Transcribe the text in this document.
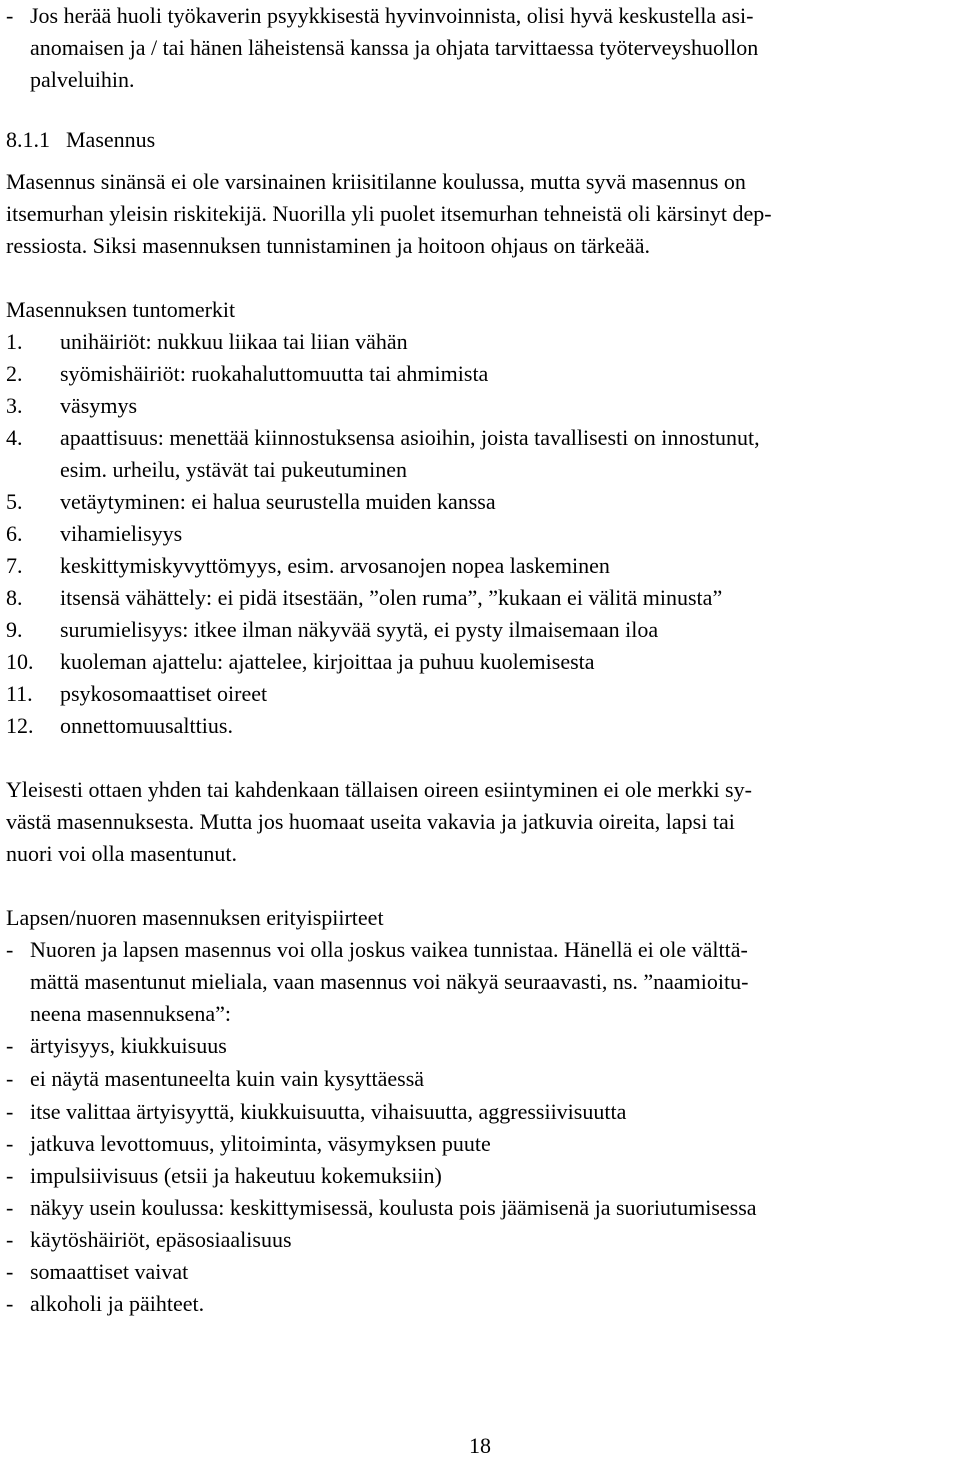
- Jos herää huoli työkaverin psyykkisestä hyvinvoinnista, olisi hyvä keskustella asi-
anomaisen ja / tai hänen läheistensä kanssa ja ohjata tarvittaessa työterveyshuollon
palveluihin.
8.1.1 Masennus
Masennus sinänsä ei ole varsinainen kriisitilanne koulussa, mutta syvä masennus on
itsemurhan yleisin riskitekijä. Nuorilla yli puolet itsemurhan tehneistä oli kärsinyt dep-
ressiosta. Siksi masennuksen tunnistaminen ja hoitoon ohjaus on tärkeää.
Masennuksen tuntomerkit
1. unihäiriöt: nukkuu liikaa tai liian vähän
2. syömishäiriöt: ruokahaluttomuutta tai ahmimista
3. väsymys
4. apaattisuus: menettää kiinnostuksensa asioihin, joista tavallisesti on innostunut,
esim. urheilu, ystävät tai pukeutuminen
5. vetäytyminen: ei halua seurustella muiden kanssa
6. vihamielisyys
7. keskittymiskyvyttömyys, esim. arvosanojen nopea laskeminen
8. itsensä vähättely: ei pidä itsestään, ”olen ruma”, ”kukaan ei välitä minusta”
9. surumielisyys: itkee ilman näkyvää syytä, ei pysty ilmaisemaan iloa
10. kuoleman ajattelu: ajattelee, kirjoittaa ja puhuu kuolemisesta
11. psykosomaattiset oireet
12. onnettomuusalttius.
Yleisesti ottaen yhden tai kahdenkaan tällaisen oireen esiintyminen ei ole merkki sy-
västä masennuksesta. Mutta jos huomaat useita vakavia ja jatkuvia oireita, lapsi tai
nuori voi olla masentunut.
Lapsen/nuoren masennuksen erityispiirteet
- Nuoren ja lapsen masennus voi olla joskus vaikea tunnistaa. Hänellä ei ole välttä-
mättä masentunut mieliala, vaan masennus voi näkyä seuraavasti, ns. ”naamioitu-
neena masennuksena”:
- ärtyisyys, kiukkuisuus
- ei näytä masentuneelta kuin vain kysyttäessä
- itse valittaa ärtyisyyttä, kiukkuisuutta, vihaisuutta, aggressiivisuutta
- jatkuva levottomuus, ylitoiminta, väsymyksen puute
- impulsiivisuus (etsii ja hakeutuu kokemuksiin)
- näkyy usein koulussa: keskittymisessä, koulusta pois jäämisenä ja suoriutumisessa
- käytöshäiriöt, epäsosiaalisuus
- somaattiset vaivat
- alkoholi ja päihteet.
18
